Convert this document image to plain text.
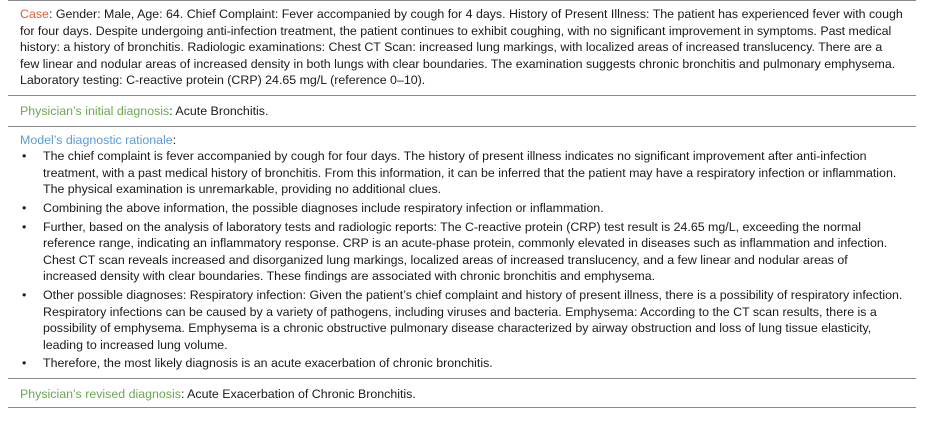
Case: Gender: Male, Age: 64. Chief Complaint: Fever accompanied by cough for 4 days. History of Present Illness: The patient has experienced fever with cough for four days. Despite undergoing anti-infection treatment, the patient continues to exhibit coughing, with no significant improvement in symptoms. Past medical history: a history of bronchitis. Radiologic examinations: Chest CT Scan: increased lung markings, with localized areas of increased translucency. There are a few linear and nodular areas of increased density in both lungs with clear boundaries. The examination suggests chronic bronchitis and pulmonary emphysema. Laboratory testing: C-reactive protein (CRP) 24.65 mg/L (reference 0–10).
Physician’s initial diagnosis: Acute Bronchitis.
Model’s diagnostic rationale:
• The chief complaint is fever accompanied by cough for four days. The history of present illness indicates no significant improvement after anti-infection treatment, with a past medical history of bronchitis. From this information, it can be inferred that the patient may have a respiratory infection or inflammation. The physical examination is unremarkable, providing no additional clues.
• Combining the above information, the possible diagnoses include respiratory infection or inflammation.
• Further, based on the analysis of laboratory tests and radiologic reports: The C-reactive protein (CRP) test result is 24.65 mg/L, exceeding the normal reference range, indicating an inflammatory response. CRP is an acute-phase protein, commonly elevated in diseases such as inflammation and infection. Chest CT scan reveals increased and disorganized lung markings, localized areas of increased translucency, and a few linear and nodular areas of increased density with clear boundaries. These findings are associated with chronic bronchitis and emphysema.
• Other possible diagnoses: Respiratory infection: Given the patient’s chief complaint and history of present illness, there is a possibility of respiratory infection. Respiratory infections can be caused by a variety of pathogens, including viruses and bacteria. Emphysema: According to the CT scan results, there is a possibility of emphysema. Emphysema is a chronic obstructive pulmonary disease characterized by airway obstruction and loss of lung tissue elasticity, leading to increased lung volume.
• Therefore, the most likely diagnosis is an acute exacerbation of chronic bronchitis.
Physician’s revised diagnosis: Acute Exacerbation of Chronic Bronchitis.
